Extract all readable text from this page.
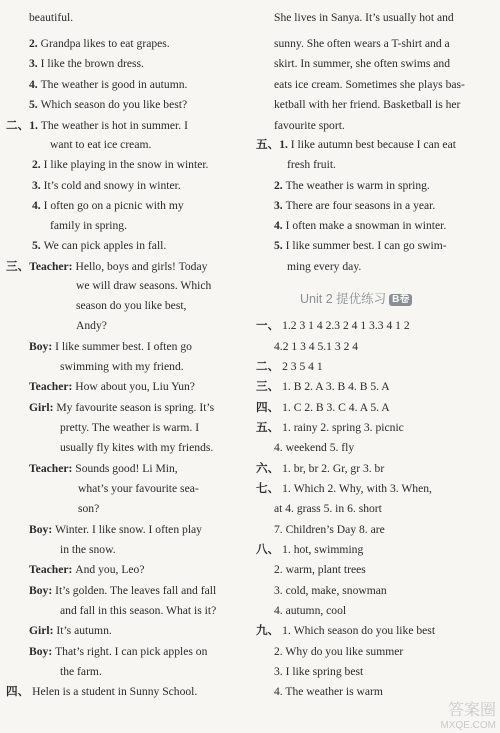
beautiful.
2. Grandpa likes to eat grapes.
3. I like the brown dress.
4. The weather is good in autumn.
5. Which season do you like best?
二、1. The weather is hot in summer. I
want to eat ice cream.
2. I like playing in the snow in winter.
3. It’s cold and snowy in winter.
4. I often go on a picnic with my
family in spring.
5. We can pick apples in fall.
三、Teacher: Hello, boys and girls! Today
we will draw seasons. Which
season do you like best,
Andy?
Boy: I like summer best. I often go
swimming with my friend.
Teacher: How about you, Liu Yun?
Girl: My favourite season is spring. It’s
pretty. The weather is warm. I
usually fly kites with my friends.
Teacher: Sounds good! Li Min,
what’s your favourite sea-
son?
Boy: Winter. I like snow. I often play
in the snow.
Teacher: And you, Leo?
Boy: It’s golden. The leaves fall and fall
and fall in this season. What is it?
Girl: It’s autumn.
Boy: That’s right. I can pick apples on
the farm.
四、 Helen is a student in Sunny School.
Unit 2 提优练习 B卷
She lives in Sanya. It’s usually hot and
sunny. She often wears a T-shirt and a
skirt. In summer, she often swims and
eats ice cream. Sometimes she plays bas-
ketball with her friend. Basketball is her
favourite sport.
五、1. I like autumn best because I can eat
fresh fruit.
2. The weather is warm in spring.
3. There are four seasons in a year.
4. I often make a snowman in winter.
5. I like summer best. I can go swim-
ming every day.
一、 1.2 3 1 4 2.3 2 4 1 3.3 4 1 2
4.2 1 3 4 5.1 3 2 4
二、 2 3 5 4 1
三、 1. B 2. A 3. B 4. B 5. A
四、 1. C 2. B 3. C 4. A 5. A
五、 1. rainy 2. spring 3. picnic
4. weekend 5. fly
六、 1. br, br 2. Gr, gr 3. br
七、 1. Which 2. Why, with 3. When,
at 4. grass 5. in 6. short
7. Children’s Day 8. are
八、 1. hot, swimming
2. warm, plant trees
3. cold, make, snowman
4. autumn, cool
九、 1. Which season do you like best
2. Why do you like summer
3. I like spring best
4. The weather is warm
答案圈
MXQE.COM
